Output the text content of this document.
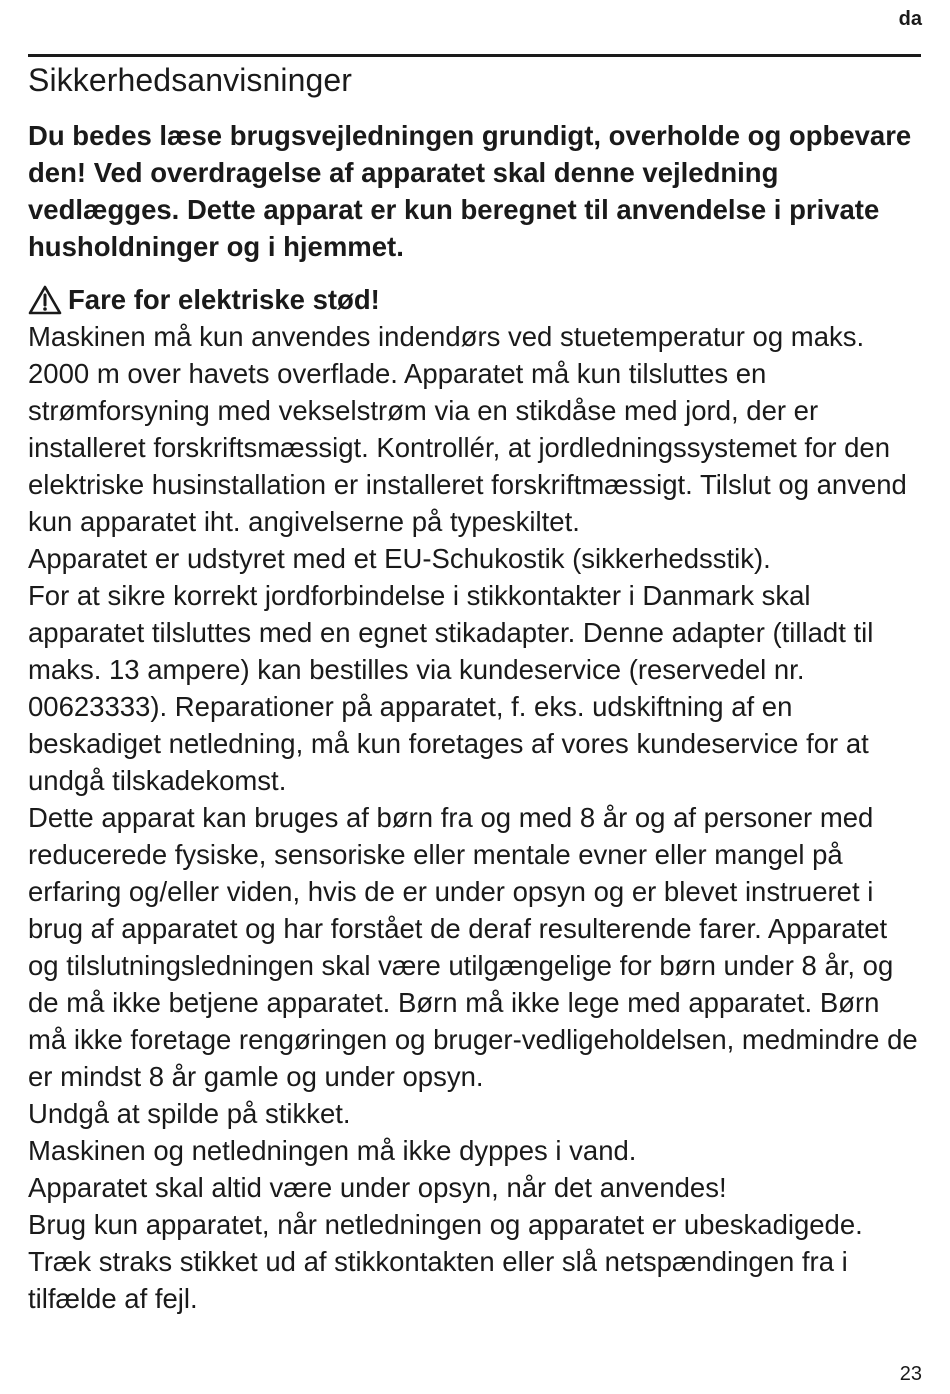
da
Sikkerhedsanvisninger

Du bedes læse brugsvejledningen grundigt, overholde og opbevare den! Ved overdragelse af apparatet skal denne vejledning vedlægges. Dette apparat er kun beregnet til anvendelse i private husholdninger og i hjemmet.

Fare for elektriske stød!

Maskinen må kun anvendes indendørs ved stuetemperatur og maks. 2000 m over havets overflade. Apparatet må kun tilsluttes en strømforsyning med vekselstrøm via en stikdåse med jord, der er installeret forskriftsmæssigt. Kontrollér, at jordledningssystemet for den elektriske husinstallation er installeret forskriftmæssigt. Tilslut og anvend kun apparatet iht. angivelserne på typeskiltet.

Apparatet er udstyret med et EU-Schukostik (sikkerhedsstik).

For at sikre korrekt jordforbindelse i stikkontakter i Danmark skal apparatet tilsluttes med en egnet stikadapter. Denne adapter (tilladt til maks. 13 ampere) kan bestilles via kundeservice (reservedel nr. 00623333). Reparationer på apparatet, f. eks. udskiftning af en beskadiget netledning, må kun foretages af vores kundeservice for at undgå tilskadekomst.

Dette apparat kan bruges af børn fra og med 8 år og af personer med reducerede fysiske, sensoriske eller mentale evner eller mangel på erfaring og/eller viden, hvis de er under opsyn og er blevet instrueret i brug af apparatet og har forstået de deraf resulterende farer. Apparatet og tilslutningsledningen skal være utilgængelige for børn under 8 år, og de må ikke betjene apparatet. Børn må ikke lege med apparatet. Børn må ikke foretage rengøringen og bruger-vedligeholdelsen, medmindre de er mindst 8 år gamle og under opsyn.

Undgå at spilde på stikket.

Maskinen og netledningen må ikke dyppes i vand.

Apparatet skal altid være under opsyn, når det anvendes!

Brug kun apparatet, når netledningen og apparatet er ubeskadigede. Træk straks stikket ud af stikkontakten eller slå netspændingen fra i tilfælde af fejl.

23
